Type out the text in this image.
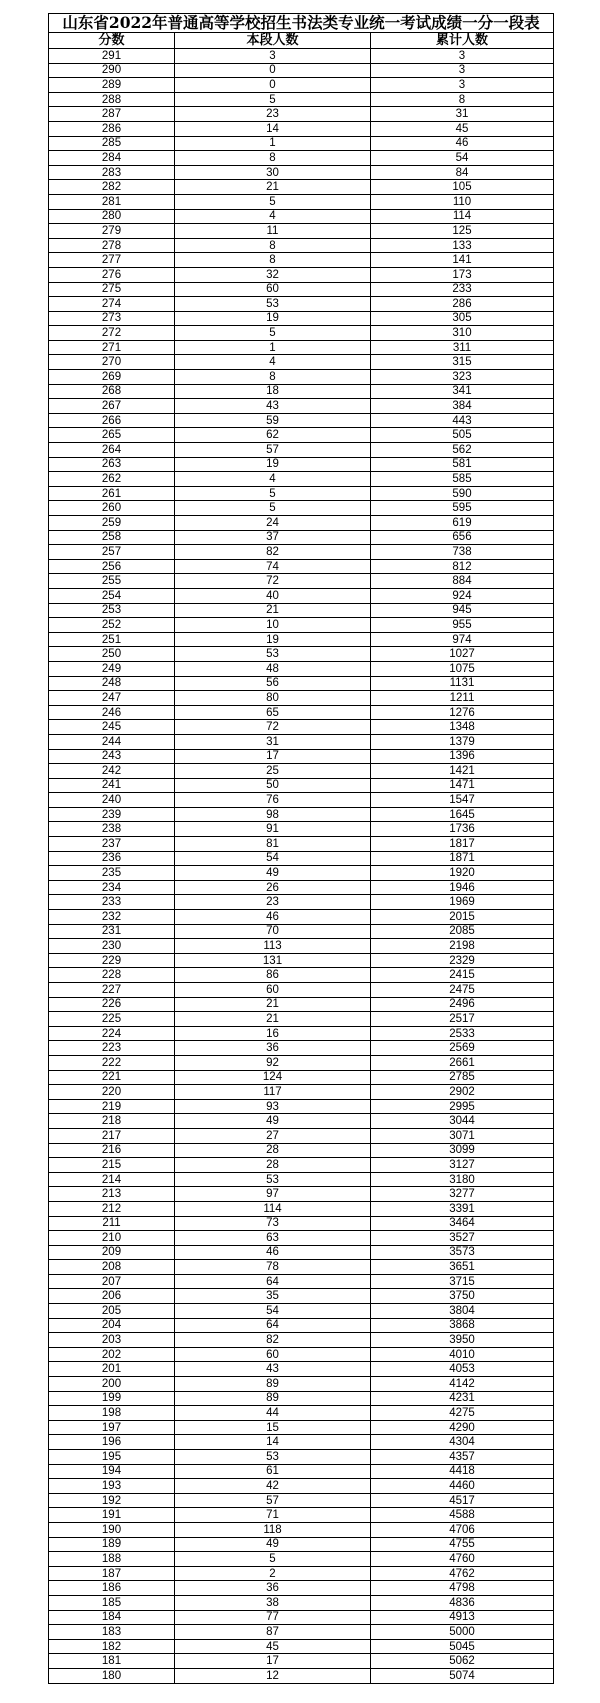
山东省2022年普通高等学校招生书法类专业统一考试成绩一分一段表
分数	本段人数	累计人数
291	3	3
290	0	3
289	0	3
288	5	8
287	23	31
286	14	45
285	1	46
284	8	54
283	30	84
282	21	105
281	5	110
280	4	114
279	11	125
278	8	133
277	8	141
276	32	173
275	60	233
274	53	286
273	19	305
272	5	310
271	1	311
270	4	315
269	8	323
268	18	341
267	43	384
266	59	443
265	62	505
264	57	562
263	19	581
262	4	585
261	5	590
260	5	595
259	24	619
258	37	656
257	82	738
256	74	812
255	72	884
254	40	924
253	21	945
252	10	955
251	19	974
250	53	1027
249	48	1075
248	56	1131
247	80	1211
246	65	1276
245	72	1348
244	31	1379
243	17	1396
242	25	1421
241	50	1471
240	76	1547
239	98	1645
238	91	1736
237	81	1817
236	54	1871
235	49	1920
234	26	1946
233	23	1969
232	46	2015
231	70	2085
230	113	2198
229	131	2329
228	86	2415
227	60	2475
226	21	2496
225	21	2517
224	16	2533
223	36	2569
222	92	2661
221	124	2785
220	117	2902
219	93	2995
218	49	3044
217	27	3071
216	28	3099
215	28	3127
214	53	3180
213	97	3277
212	114	3391
211	73	3464
210	63	3527
209	46	3573
208	78	3651
207	64	3715
206	35	3750
205	54	3804
204	64	3868
203	82	3950
202	60	4010
201	43	4053
200	89	4142
199	89	4231
198	44	4275
197	15	4290
196	14	4304
195	53	4357
194	61	4418
193	42	4460
192	57	4517
191	71	4588
190	118	4706
189	49	4755
188	5	4760
187	2	4762
186	36	4798
185	38	4836
184	77	4913
183	87	5000
182	45	5045
181	17	5062
180	12	5074
